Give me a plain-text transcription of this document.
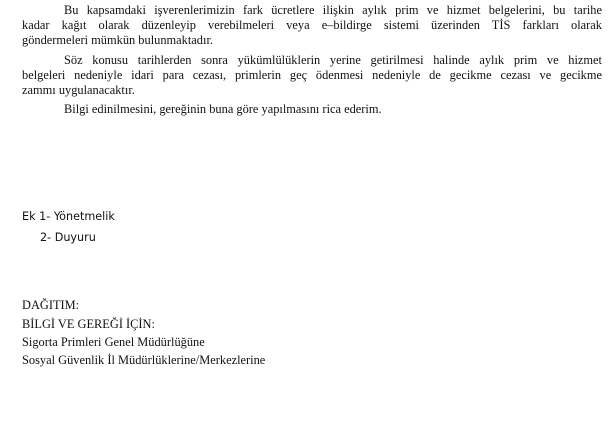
Bu kapsamdaki işverenlerimizin fark ücretlere ilişkin aylık prim ve hizmet belgelerini, bu tarihe
kadar kağıt olarak düzenleyip verebilmeleri veya e–bildirge sistemi üzerinden TİS farkları olarak
göndermeleri mümkün bulunmaktadır.
Söz konusu tarihlerden sonra yükümlülüklerin yerine getirilmesi halinde aylık prim ve hizmet
belgeleri nedeniyle idari para cezası, primlerin geç ödenmesi nedeniyle de gecikme cezası ve gecikme
zammı uygulanacaktır.
Bilgi edinilmesini, gereğinin buna göre yapılmasını rica ederim.
Ek 1- Yönetmelik
2- Duyuru
DAĞITIM:
BİLGİ VE GEREĞİ İÇİN:
Sigorta Primleri Genel Müdürlüğüne
Sosyal Güvenlik İl Müdürlüklerine/Merkezlerine
